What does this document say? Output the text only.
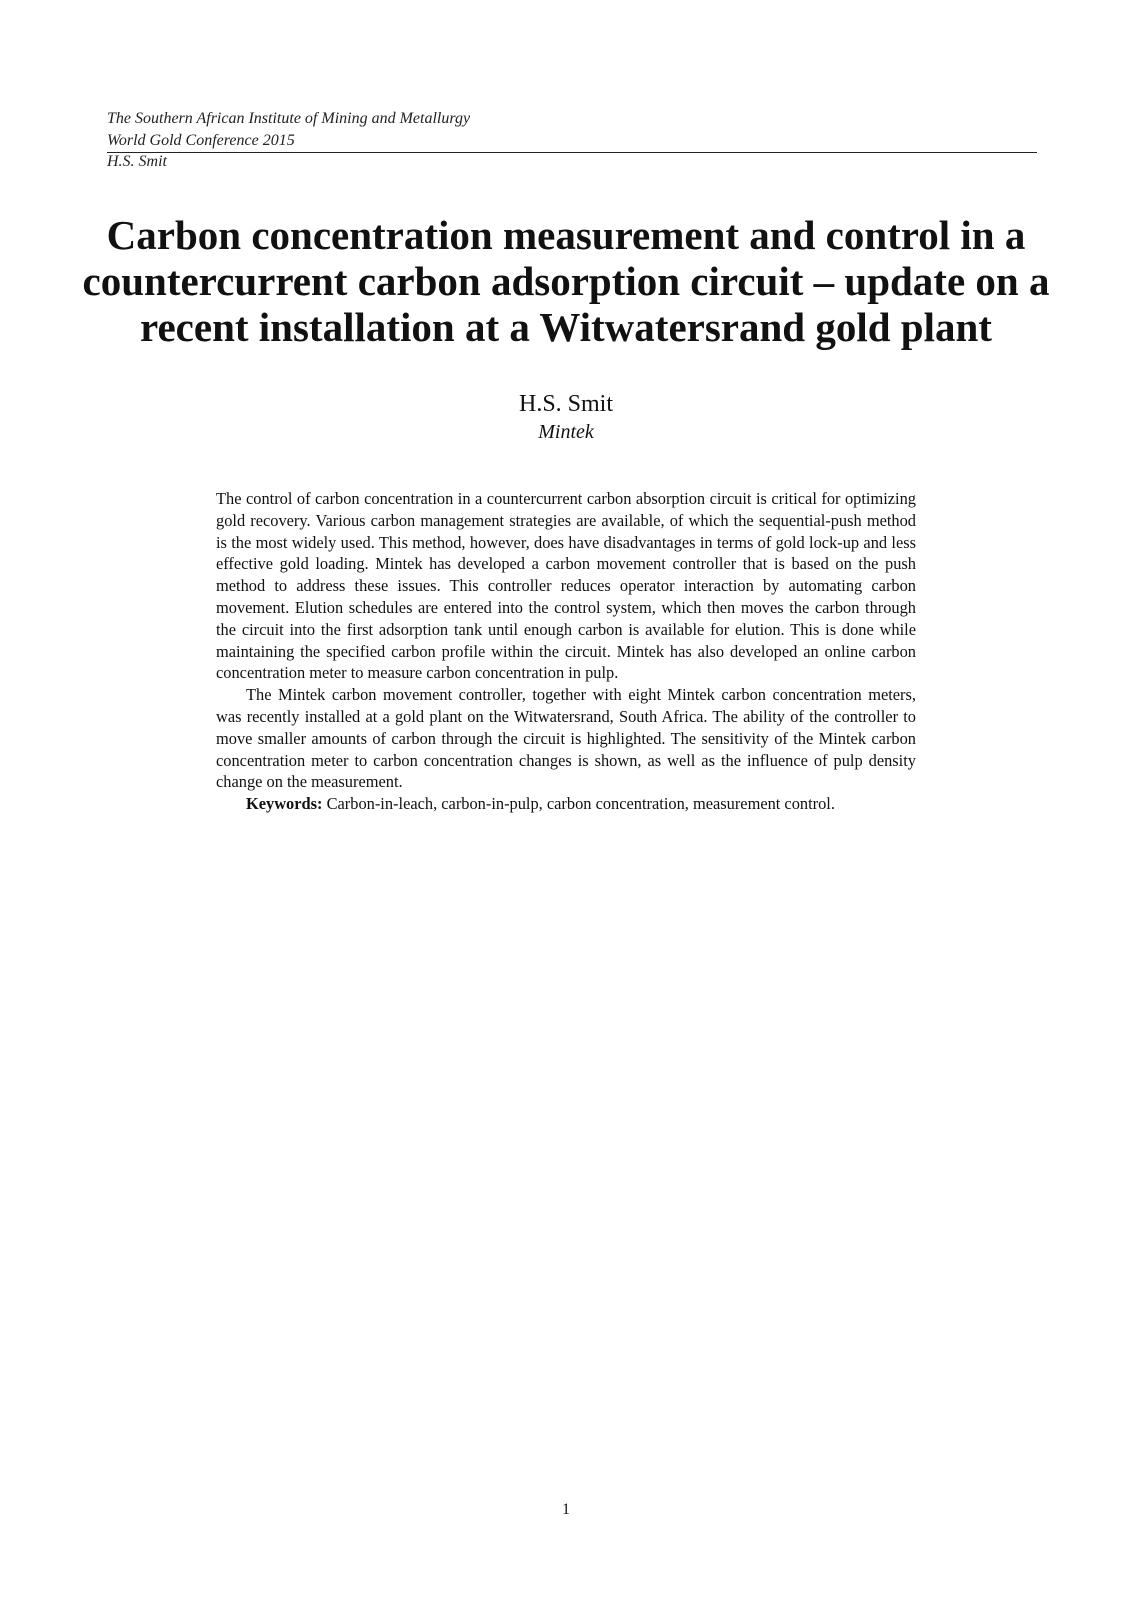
The Southern African Institute of Mining and Metallurgy
World Gold Conference 2015
H.S. Smit
Carbon concentration measurement and control in a countercurrent carbon adsorption circuit – update on a recent installation at a Witwatersrand gold plant
H.S. Smit
Mintek

The control of carbon concentration in a countercurrent carbon absorption circuit is critical for optimizing gold recovery. Various carbon management strategies are available, of which the sequential-push method is the most widely used. This method, however, does have disadvantages in terms of gold lock-up and less effective gold loading. Mintek has developed a carbon movement controller that is based on the push method to address these issues. This controller reduces operator interaction by automating carbon movement. Elution schedules are entered into the control system, which then moves the carbon through the circuit into the first adsorption tank until enough carbon is available for elution. This is done while maintaining the specified carbon profile within the circuit. Mintek has also developed an online carbon concentration meter to measure carbon concentration in pulp.

The Mintek carbon movement controller, together with eight Mintek carbon concentration meters, was recently installed at a gold plant on the Witwatersrand, South Africa. The ability of the controller to move smaller amounts of carbon through the circuit is highlighted. The sensitivity of the Mintek carbon concentration meter to carbon concentration changes is shown, as well as the influence of pulp density change on the measurement.

Keywords: Carbon-in-leach, carbon-in-pulp, carbon concentration, measurement control.

1
